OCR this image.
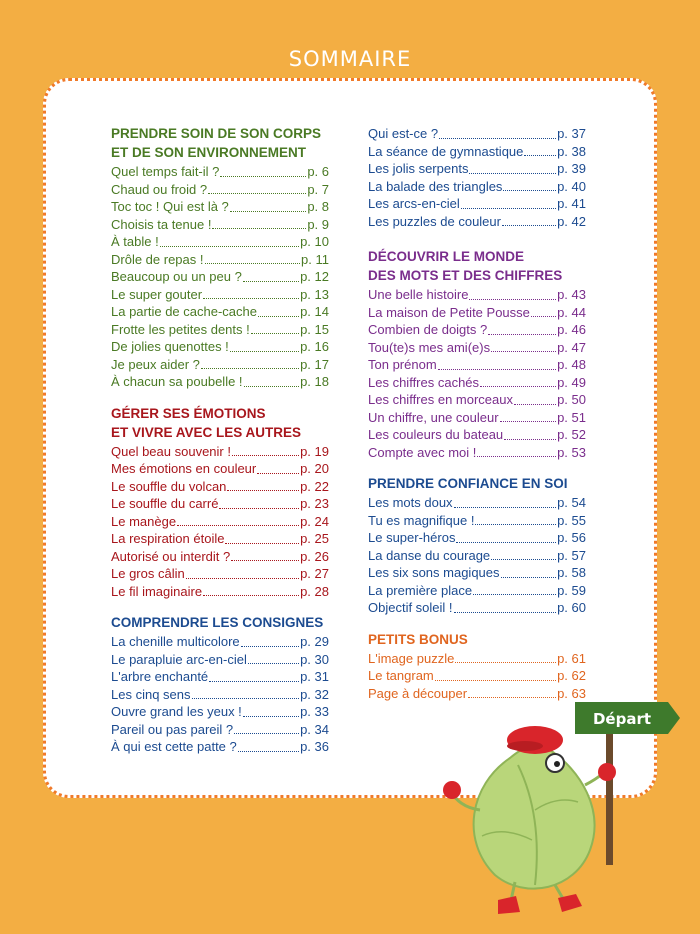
SOMMAIRE
PRENDRE SOIN DE SON CORPS
ET DE SON ENVIRONNEMENT
Quel temps fait-il ?	p. 6
Chaud ou froid ?	p. 7
Toc toc ! Qui est là ?	p. 8
Choisis ta tenue !	p. 9
À table !	p. 10
Drôle de repas !	p. 11
Beaucoup ou un peu ?	p. 12
Le super gouter	p. 13
La partie de cache-cache	p. 14
Frotte les petites dents !	p. 15
De jolies quenottes !	p. 16
Je peux aider ?	p. 17
À chacun sa poubelle !	p. 18
GÉRER SES ÉMOTIONS
ET VIVRE AVEC LES AUTRES
Quel beau souvenir !	p. 19
Mes émotions en couleur	p. 20
Le souffle du volcan	p. 22
Le souffle du carré	p. 23
Le manège	p. 24
La respiration étoile	p. 25
Autorisé ou interdit ?	p. 26
Le gros câlin	p. 27
Le fil imaginaire	p. 28
COMPRENDRE LES CONSIGNES
La chenille multicolore	p. 29
Le parapluie arc-en-ciel	p. 30
L'arbre enchanté	p. 31
Les cinq sens	p. 32
Ouvre grand les yeux !	p. 33
Pareil ou pas pareil ?	p. 34
À qui est cette patte ?	p. 36
Qui est-ce ?	p. 37
La séance de gymnastique	p. 38
Les jolis serpents	p. 39
La balade des triangles	p. 40
Les arcs-en-ciel	p. 41
Les puzzles de couleur	p. 42
DÉCOUVRIR LE MONDE
DES MOTS ET DES CHIFFRES
Une belle histoire	p. 43
La maison de Petite Pousse p. 44
Combien de doigts ?	p. 46
Tou(te)s mes ami(e)s	p. 47
Ton prénom	p. 48
Les chiffres cachés	p. 49
Les chiffres en morceaux	p. 50
Un chiffre, une couleur	p. 51
Les couleurs du bateau	p. 52
Compte avec moi !	p. 53
PRENDRE CONFIANCE EN SOI
Les mots doux	p. 54
Tu es magnifique !	p. 55
Le super-héros	p. 56
La danse du courage	p. 57
Les six sons magiques	p. 58
La première place	p. 59
Objectif soleil !	p. 60
PETITS BONUS
L'image puzzle	p. 61
Le tangram	p. 62
Page à découper	p. 63
Départ
